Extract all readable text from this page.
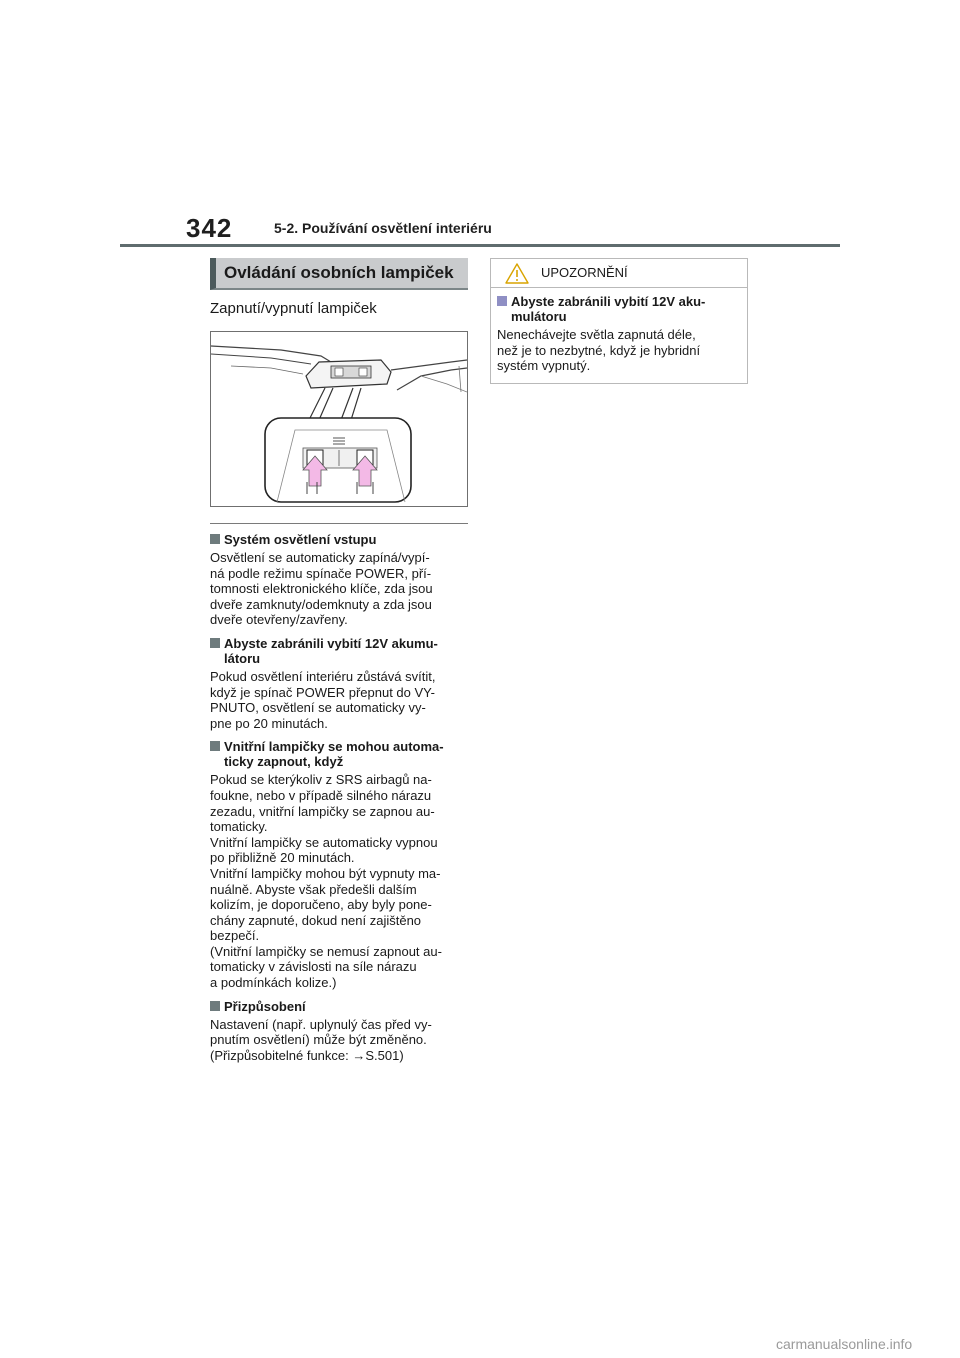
342	5-2. Používání osvětlení interiéru
Ovládání osobních lampiček
Zapnutí/vypnutí lampiček
Systém osvětlení vstupu
Osvětlení se automaticky zapíná/vypí-
ná podle režimu spínače POWER, pří-
tomnosti elektronického klíče, zda jsou
dveře zamknuty/odemknuty a zda jsou
dveře otevřeny/zavřeny.
Abyste zabránili vybití 12V akumu-
látoru
Pokud osvětlení interiéru zůstává svítit,
když je spínač POWER přepnut do VY-
PNUTO, osvětlení se automaticky vy-
pne po 20 minutách.
Vnitřní lampičky se mohou automa-
ticky zapnout, když
Pokud se kterýkoliv z SRS airbagů na-
foukne, nebo v případě silného nárazu
zezadu, vnitřní lampičky se zapnou au-
tomaticky.
Vnitřní lampičky se automaticky vypnou
po přibližně 20 minutách.
Vnitřní lampičky mohou být vypnuty ma-
nuálně. Abyste však předešli dalším
kolizím, je doporučeno, aby byly pone-
chány zapnuté, dokud není zajištěno
bezpečí.
(Vnitřní lampičky se nemusí zapnout au-
tomaticky v závislosti na síle nárazu
a podmínkách kolize.)
Přizpůsobení
Nastavení (např. uplynulý čas před vy-
pnutím osvětlení) může být změněno.
(Přizpůsobitelné funkce: →S.501)
UPOZORNĚNÍ
Abyste zabránili vybití 12V aku-
mulátoru
Nenechávejte světla zapnutá déle,
než je to nezbytné, když je hybridní
systém vypnutý.
carmanualsonline.info
